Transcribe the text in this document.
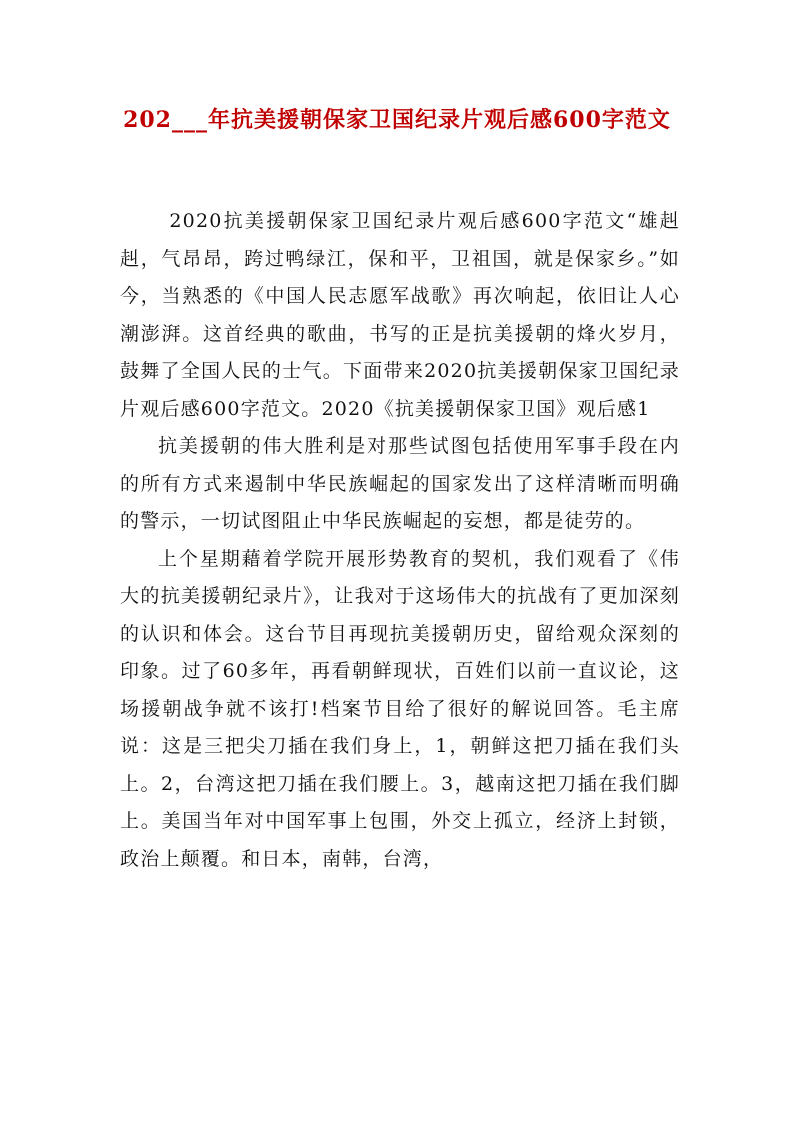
202___年抗美援朝保家卫国纪录片观后感600字范文

2020抗美援朝保家卫国纪录片观后感600字范文“雄赳赳，气昂昂，跨过鸭绿江，保和平，卫祖国，就是保家乡。”如今，当熟悉的《中国人民志愿军战歌》再次响起，依旧让人心潮澎湃。这首经典的歌曲，书写的正是抗美援朝的烽火岁月，鼓舞了全国人民的士气。下面带来2020抗美援朝保家卫国纪录片观后感600字范文。2020《抗美援朝保家卫国》观后感1

抗美援朝的伟大胜利是对那些试图包括使用军事手段在内的所有方式来遏制中华民族崛起的国家发出了这样清晰而明确的警示，一切试图阻止中华民族崛起的妄想，都是徒劳的。

上个星期藉着学院开展形势教育的契机，我们观看了《伟大的抗美援朝纪录片》，让我对于这场伟大的抗战有了更加深刻的认识和体会。这台节目再现抗美援朝历史，留给观众深刻的印象。过了60多年，再看朝鲜现状，百姓们以前一直议论，这场援朝战争就不该打!档案节目给了很好的解说回答。毛主席说：这是三把尖刀插在我们身上，1，朝鲜这把刀插在我们头上。2，台湾这把刀插在我们腰上。3，越南这把刀插在我们脚上。美国当年对中国军事上包围，外交上孤立，经济上封锁，政治上颠覆。和日本，南韩，台湾，
